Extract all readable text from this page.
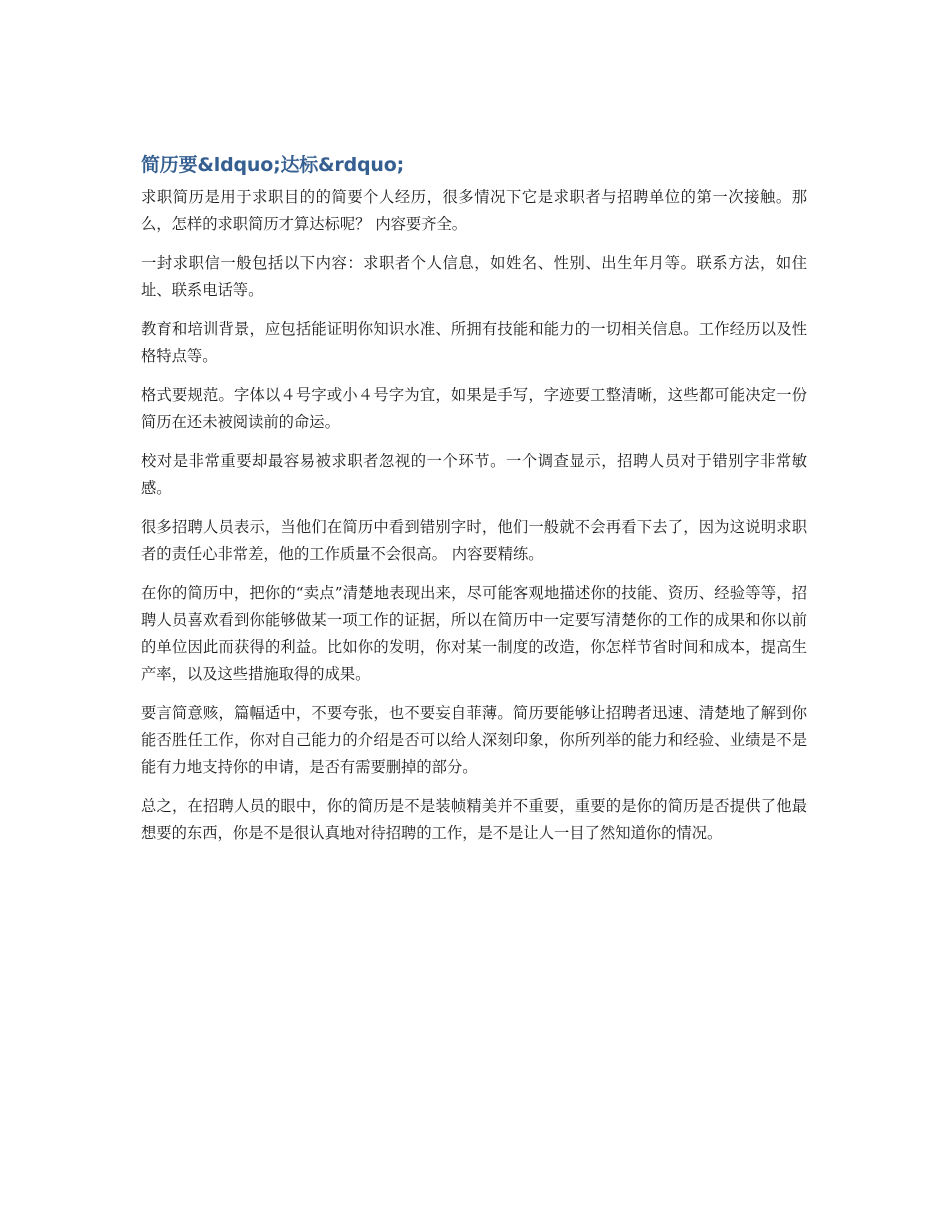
简历要&ldquo;达标&rdquo;

求职简历是用于求职目的的简要个人经历，很多情况下它是求职者与招聘单位的第一次接触。那么，怎样的求职简历才算达标呢？ 内容要齐全。

一封求职信一般包括以下内容：求职者个人信息，如姓名、性别、出生年月等。联系方法，如住址、联系电话等。

教育和培训背景，应包括能证明你知识水准、所拥有技能和能力的一切相关信息。工作经历以及性格特点等。

格式要规范。字体以４号字或小４号字为宜，如果是手写，字迹要工整清晰，这些都可能决定一份简历在还未被阅读前的命运。

校对是非常重要却最容易被求职者忽视的一个环节。一个调查显示，招聘人员对于错别字非常敏感。

很多招聘人员表示，当他们在简历中看到错别字时，他们一般就不会再看下去了，因为这说明求职者的责任心非常差，他的工作质量不会很高。 内容要精练。

在你的简历中，把你的“卖点”清楚地表现出来，尽可能客观地描述你的技能、资历、经验等等，招聘人员喜欢看到你能够做某一项工作的证据，所以在简历中一定要写清楚你的工作的成果和你以前的单位因此而获得的利益。比如你的发明，你对某一制度的改造，你怎样节省时间和成本，提高生产率，以及这些措施取得的成果。

要言简意赅，篇幅适中，不要夸张，也不要妄自菲薄。简历要能够让招聘者迅速、清楚地了解到你能否胜任工作，你对自己能力的介绍是否可以给人深刻印象，你所列举的能力和经验、业绩是不是能有力地支持你的申请，是否有需要删掉的部分。

总之，在招聘人员的眼中，你的简历是不是装帧精美并不重要，重要的是你的简历是否提供了他最想要的东西，你是不是很认真地对待招聘的工作，是不是让人一目了然知道你的情况。
